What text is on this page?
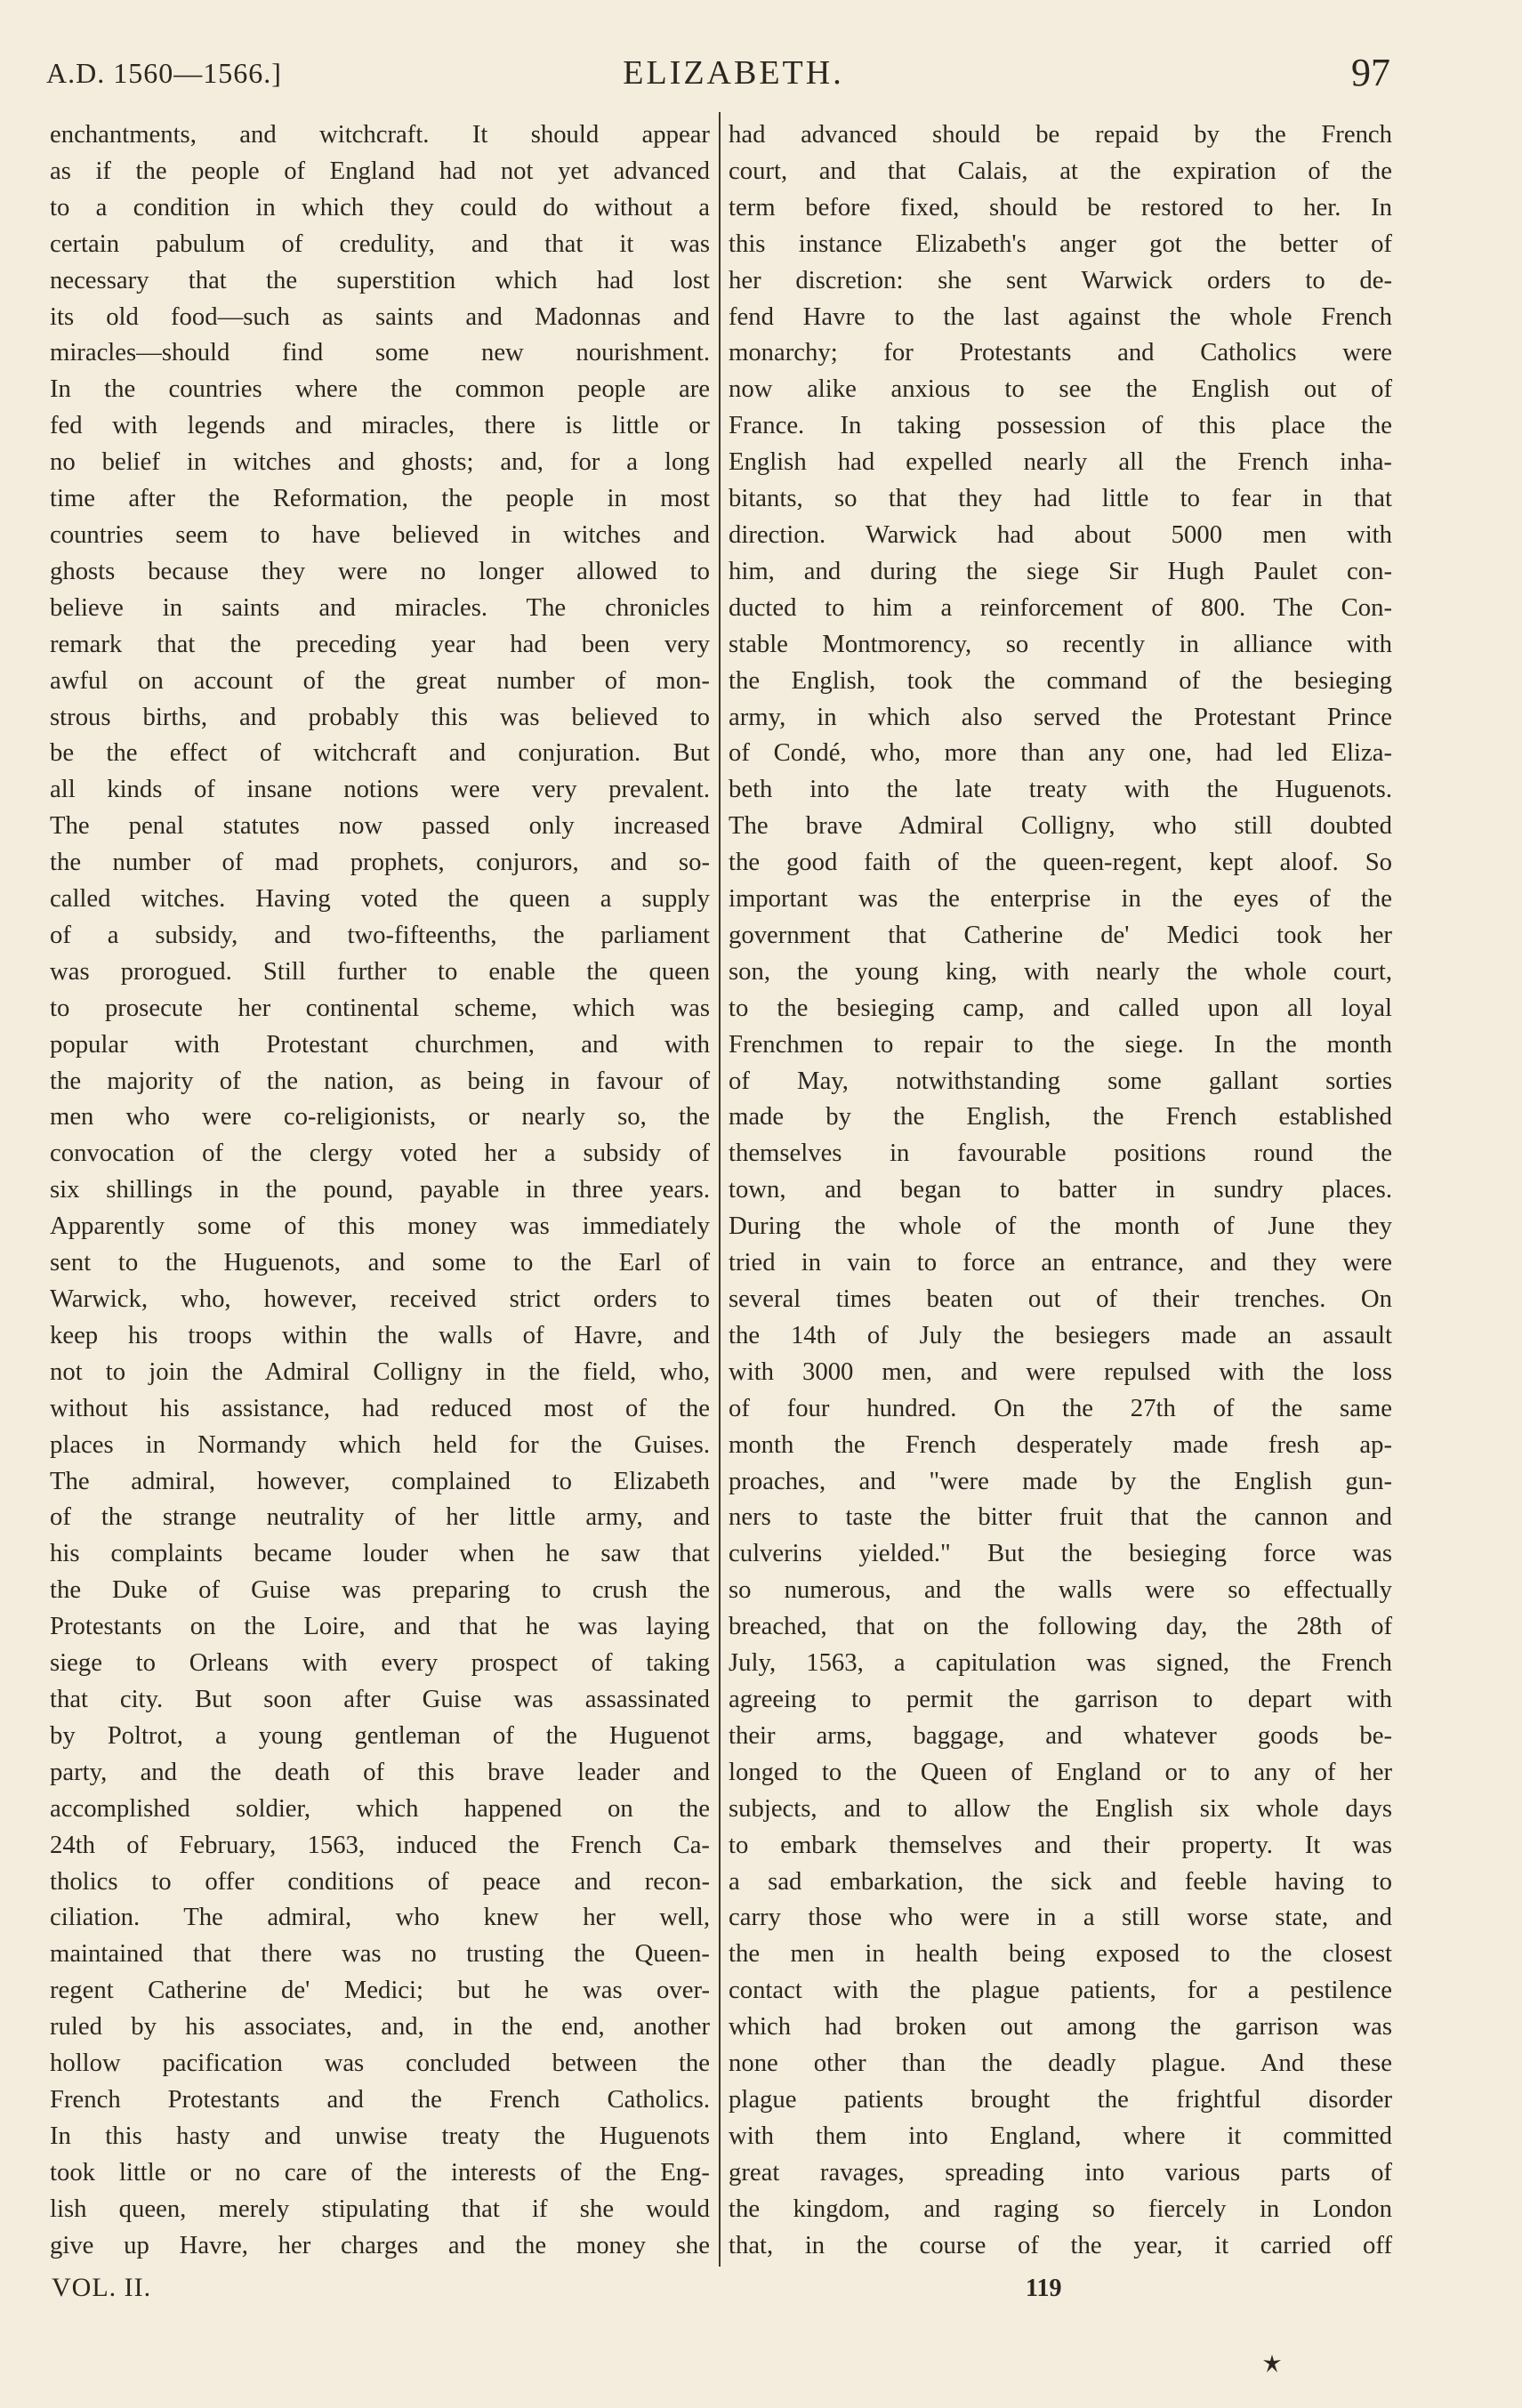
A.D. 1560—1566.]	ELIZABETH.	97
enchantments, and witchcraft. It should appear
as if the people of England had not yet advanced
to a condition in which they could do without a
certain pabulum of credulity, and that it was
necessary that the superstition which had lost
its old food—such as saints and Madonnas and
miracles—should find some new nourishment.
In the countries where the common people are
fed with legends and miracles, there is little or
no belief in witches and ghosts; and, for a long
time after the Reformation, the people in most
countries seem to have believed in witches and
ghosts because they were no longer allowed to
believe in saints and miracles. The chronicles
remark that the preceding year had been very
awful on account of the great number of mon-
strous births, and probably this was believed to
be the effect of witchcraft and conjuration. But
all kinds of insane notions were very prevalent.
The penal statutes now passed only increased
the number of mad prophets, conjurors, and so-
called witches. Having voted the queen a supply
of a subsidy, and two-fifteenths, the parliament
was prorogued. Still further to enable the queen
to prosecute her continental scheme, which was
popular with Protestant churchmen, and with
the majority of the nation, as being in favour of
men who were co-religionists, or nearly so, the
convocation of the clergy voted her a subsidy of
six shillings in the pound, payable in three years.
Apparently some of this money was immediately
sent to the Huguenots, and some to the Earl of
Warwick, who, however, received strict orders to
keep his troops within the walls of Havre, and
not to join the Admiral Colligny in the field, who,
without his assistance, had reduced most of the
places in Normandy which held for the Guises.
The admiral, however, complained to Elizabeth
of the strange neutrality of her little army, and
his complaints became louder when he saw that
the Duke of Guise was preparing to crush the
Protestants on the Loire, and that he was laying
siege to Orleans with every prospect of taking
that city. But soon after Guise was assassinated
by Poltrot, a young gentleman of the Huguenot
party, and the death of this brave leader and
accomplished soldier, which happened on the
24th of February, 1563, induced the French Ca-
tholics to offer conditions of peace and recon-
ciliation. The admiral, who knew her well,
maintained that there was no trusting the Queen-
regent Catherine de' Medici; but he was over-
ruled by his associates, and, in the end, another
hollow pacification was concluded between the
French Protestants and the French Catholics.
In this hasty and unwise treaty the Huguenots
took little or no care of the interests of the Eng-
lish queen, merely stipulating that if she would
give up Havre, her charges and the money she
had advanced should be repaid by the French
court, and that Calais, at the expiration of the
term before fixed, should be restored to her. In
this instance Elizabeth's anger got the better of
her discretion: she sent Warwick orders to de-
fend Havre to the last against the whole French
monarchy; for Protestants and Catholics were
now alike anxious to see the English out of
France. In taking possession of this place the
English had expelled nearly all the French inha-
bitants, so that they had little to fear in that
direction. Warwick had about 5000 men with
him, and during the siege Sir Hugh Paulet con-
ducted to him a reinforcement of 800. The Con-
stable Montmorency, so recently in alliance with
the English, took the command of the besieging
army, in which also served the Protestant Prince
of Condé, who, more than any one, had led Eliza-
beth into the late treaty with the Huguenots.
The brave Admiral Colligny, who still doubted
the good faith of the queen-regent, kept aloof. So
important was the enterprise in the eyes of the
government that Catherine de' Medici took her
son, the young king, with nearly the whole court,
to the besieging camp, and called upon all loyal
Frenchmen to repair to the siege. In the month
of May, notwithstanding some gallant sorties
made by the English, the French established
themselves in favourable positions round the
town, and began to batter in sundry places.
During the whole of the month of June they
tried in vain to force an entrance, and they were
several times beaten out of their trenches. On
the 14th of July the besiegers made an assault
with 3000 men, and were repulsed with the loss
of four hundred. On the 27th of the same
month the French desperately made fresh ap-
proaches, and "were made by the English gun-
ners to taste the bitter fruit that the cannon and
culverins yielded." But the besieging force was
so numerous, and the walls were so effectually
breached, that on the following day, the 28th of
July, 1563, a capitulation was signed, the French
agreeing to permit the garrison to depart with
their arms, baggage, and whatever goods be-
longed to the Queen of England or to any of her
subjects, and to allow the English six whole days
to embark themselves and their property. It was
a sad embarkation, the sick and feeble having to
carry those who were in a still worse state, and
the men in health being exposed to the closest
contact with the plague patients, for a pestilence
which had broken out among the garrison was
none other than the deadly plague. And these
plague patients brought the frightful disorder
with them into England, where it committed
great ravages, spreading into various parts of
the kingdom, and raging so fiercely in London
that, in the course of the year, it carried off
VOL. II.	119
